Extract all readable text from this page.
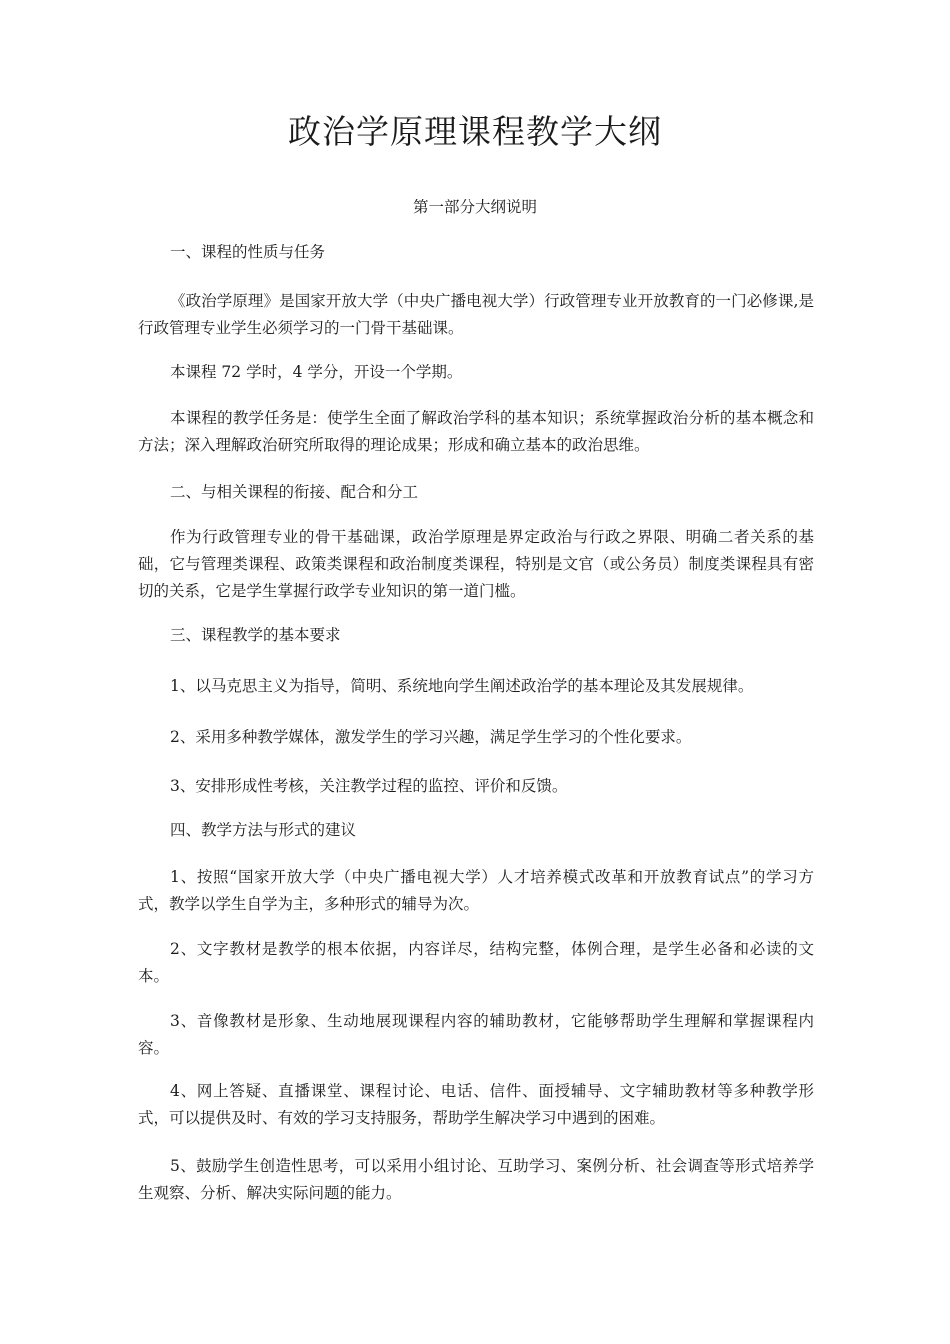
政治学原理课程教学大纲
第一部分大纲说明

一、课程的性质与任务

《政治学原理》是国家开放大学（中央广播电视大学）行政管理专业开放教育的一门必修课,是行政管理专业学生必须学习的一门骨干基础课。

本课程 72 学时，4 学分，开设一个学期。

本课程的教学任务是：使学生全面了解政治学科的基本知识；系统掌握政治分析的基本概念和方法；深入理解政治研究所取得的理论成果；形成和确立基本的政治思维。

二、与相关课程的衔接、配合和分工

作为行政管理专业的骨干基础课，政治学原理是界定政治与行政之界限、明确二者关系的基础，它与管理类课程、政策类课程和政治制度类课程，特别是文官（或公务员）制度类课程具有密切的关系，它是学生掌握行政学专业知识的第一道门槛。

三、课程教学的基本要求

1、以马克思主义为指导，简明、系统地向学生阐述政治学的基本理论及其发展规律。

2、采用多种教学媒体，激发学生的学习兴趣，满足学生学习的个性化要求。

3、安排形成性考核，关注教学过程的监控、评价和反馈。

四、教学方法与形式的建议

1、按照“国家开放大学（中央广播电视大学）人才培养模式改革和开放教育试点”的学习方式，教学以学生自学为主，多种形式的辅导为次。

2、文字教材是教学的根本依据，内容详尽，结构完整，体例合理，是学生必备和必读的文本。

3、音像教材是形象、生动地展现课程内容的辅助教材，它能够帮助学生理解和掌握课程内容。

4、网上答疑、直播课堂、课程讨论、电话、信件、面授辅导、文字辅助教材等多种教学形式，可以提供及时、有效的学习支持服务，帮助学生解决学习中遇到的困难。

5、鼓励学生创造性思考，可以采用小组讨论、互助学习、案例分析、社会调查等形式培养学生观察、分析、解决实际问题的能力。
